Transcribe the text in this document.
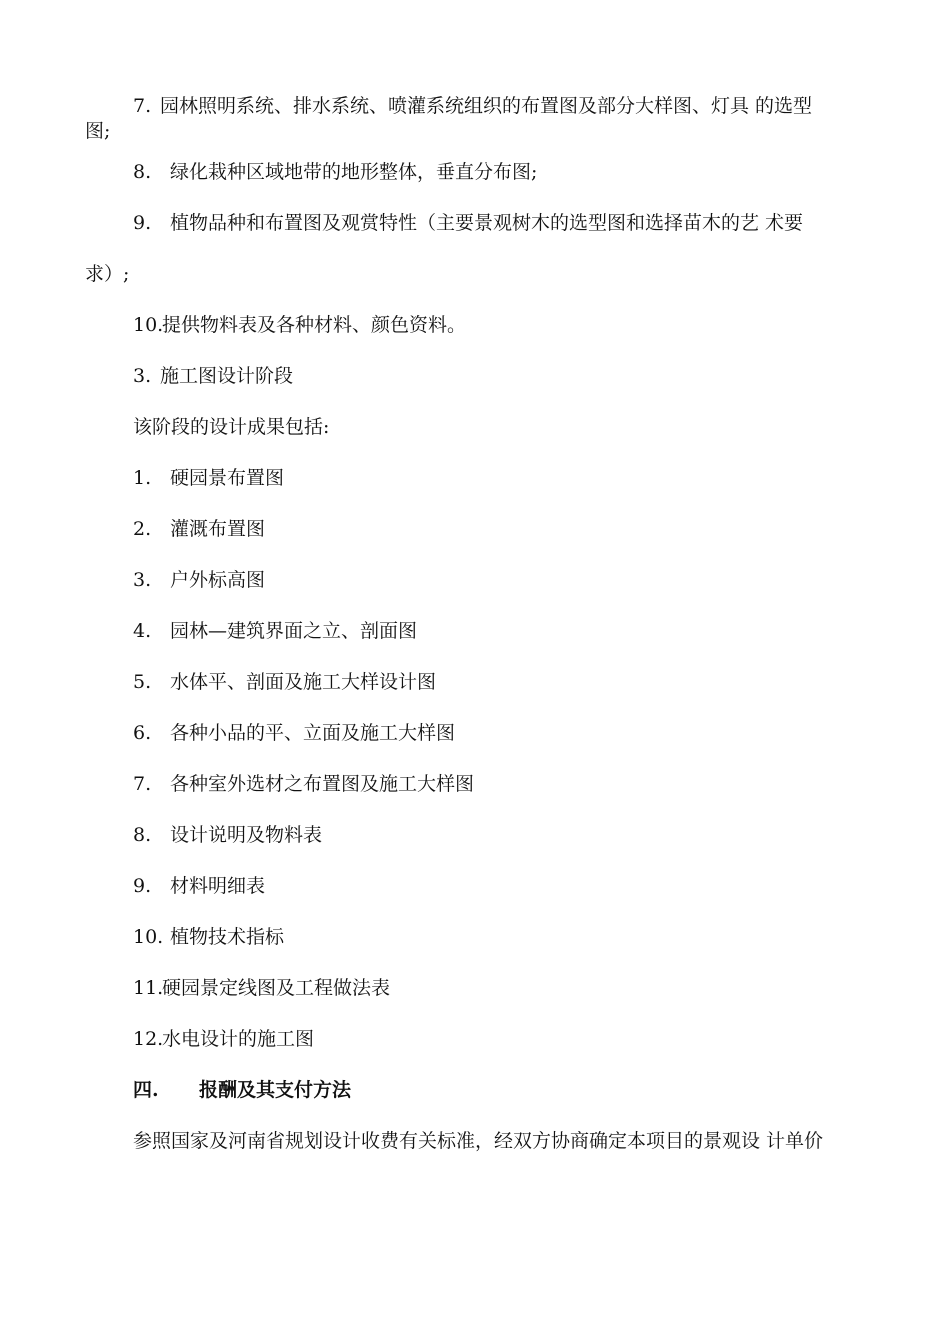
7. 园林照明系统、排水系统、喷灌系统组织的布置图及部分大样图、灯具 的选型
图;
8. 绿化栽种区域地带的地形整体，垂直分布图;
9. 植物品种和布置图及观赏特性（主要景观树木的选型图和选择苗木的艺 术要
求）;
10.提供物料表及各种材料、颜色资料。
3. 施工图设计阶段
该阶段的设计成果包括:
1. 硬园景布置图
2. 灌溉布置图
3. 户外标高图
4. 园林—建筑界面之立、剖面图
5. 水体平、剖面及施工大样设计图
6. 各种小品的平、立面及施工大样图
7. 各种室外选材之布置图及施工大样图
8. 设计说明及物料表
9. 材料明细表
10. 植物技术指标
11.硬园景定线图及工程做法表
12.水电设计的施工图
四. 报酬及其支付方法
参照国家及河南省规划设计收费有关标准，经双方协商确定本项目的景观设 计单价
